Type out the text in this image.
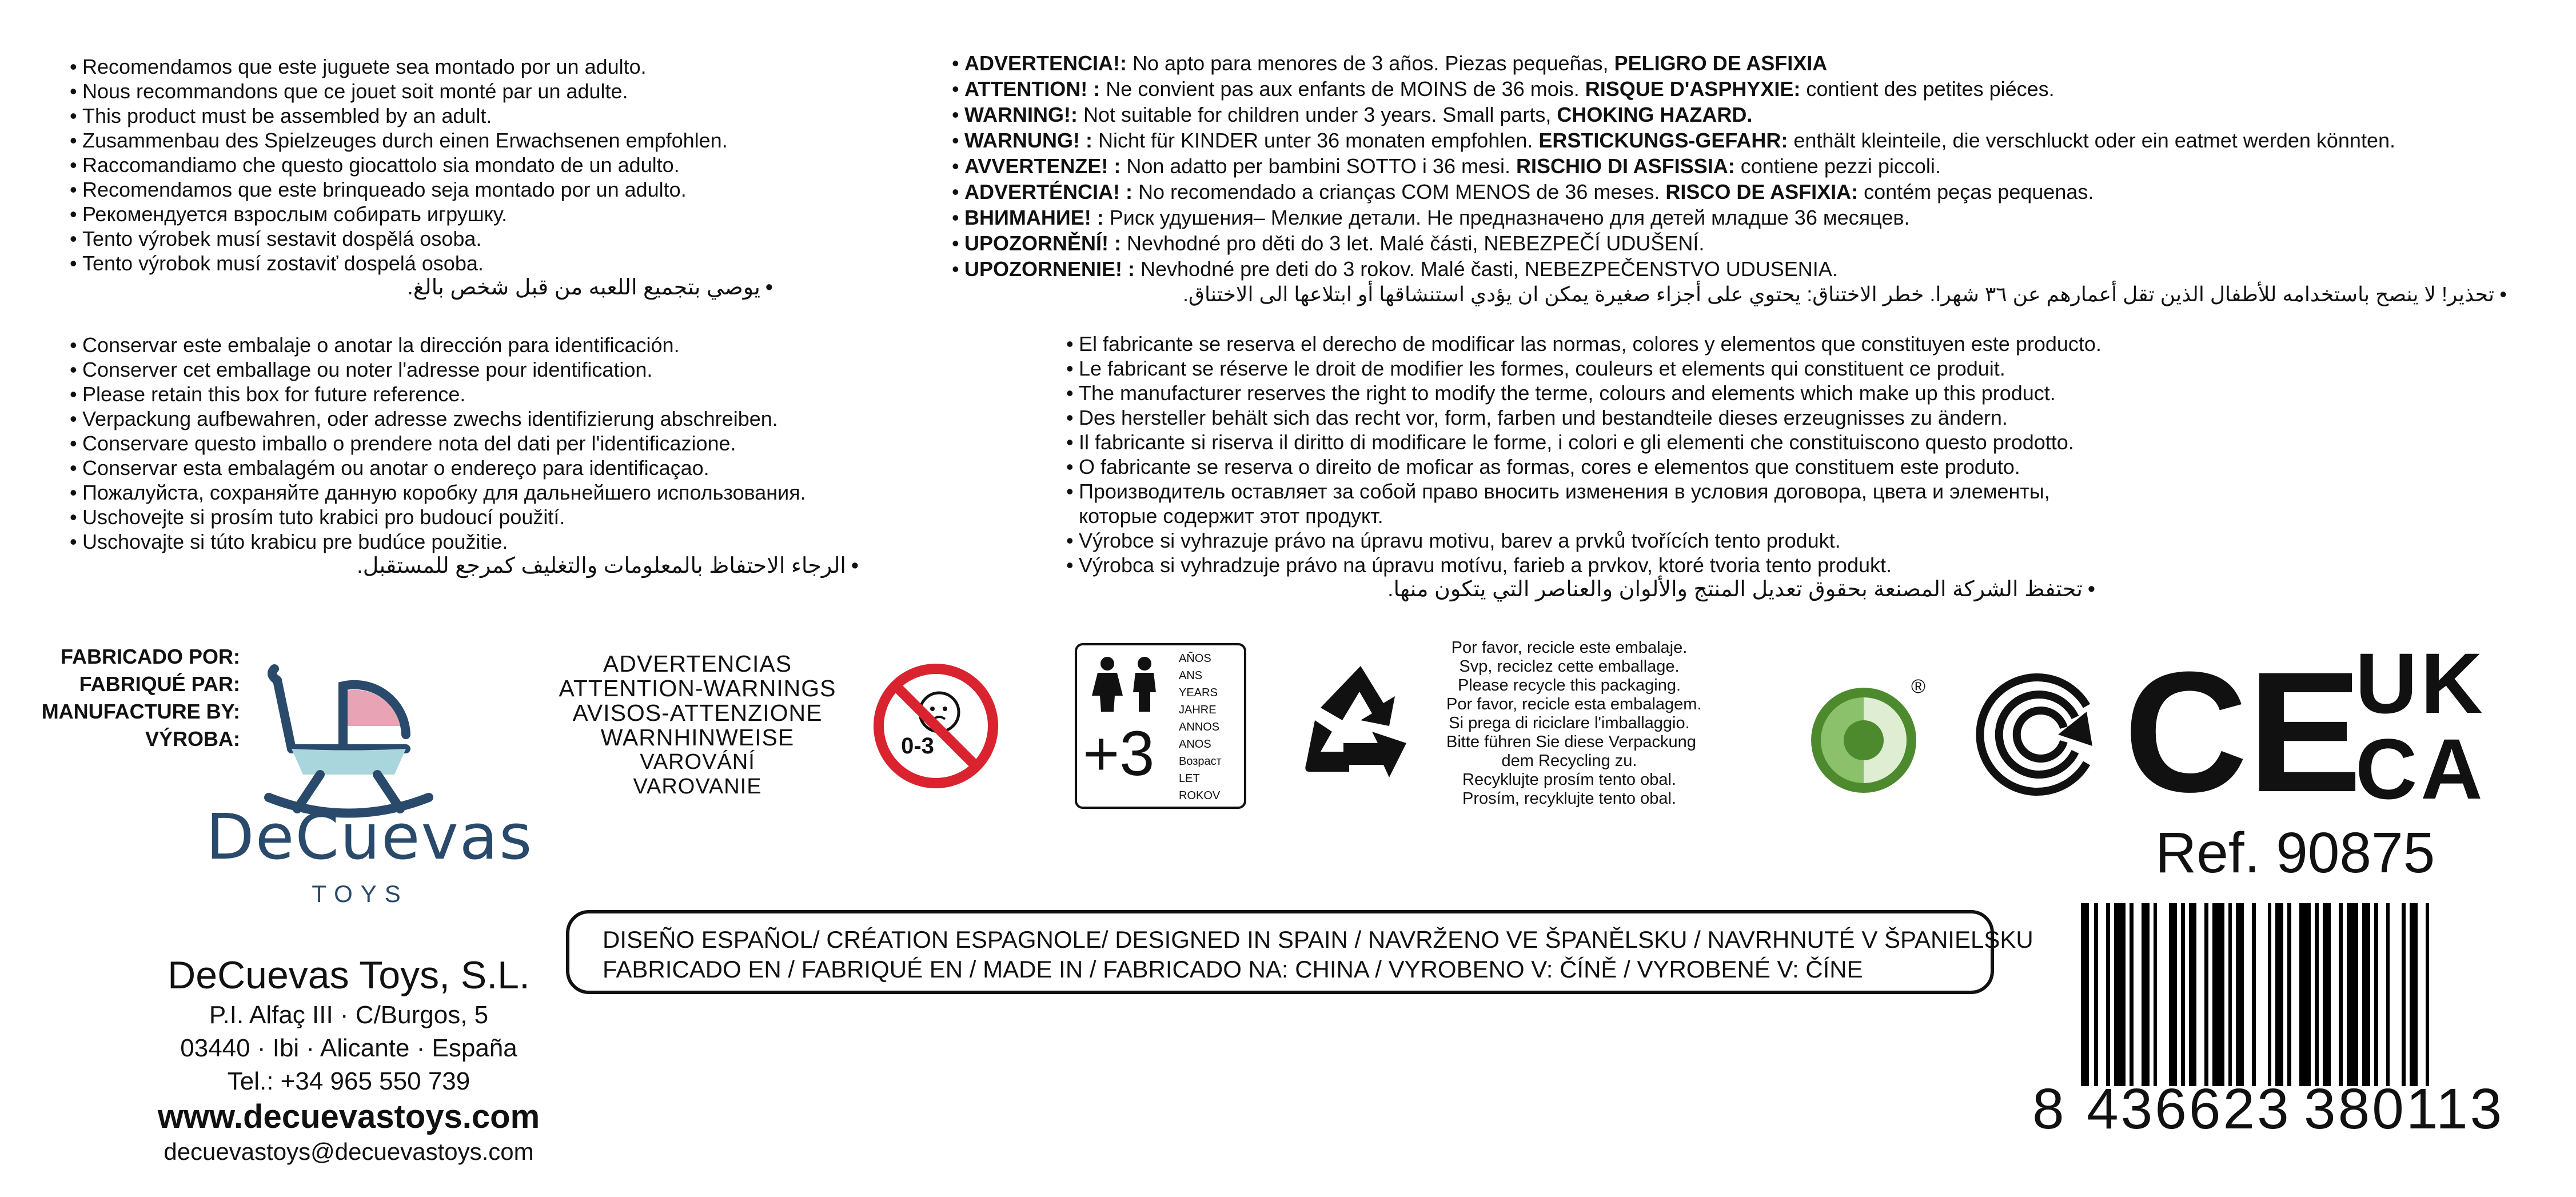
• Recomendamos que este juguete sea montado por un adulto.
• Nous recommandons que ce jouet soit monté par un adulte.
• This product must be assembled by an adult.
• Zusammenbau des Spielzeuges durch einen Erwachsenen empfohlen.
• Raccomandiamo che questo giocattolo sia mondato de un adulto.
• Recomendamos que este brinqueado seja montado por un adulto.
• Рекомендуется взрослым собирать игрушку.
• Tento výrobek musí sestavit dospělá osoba.
• Tento výrobok musí zostaviť dospelá osoba.
• يوصي بتجميع اللعبه من قبل شخص بالغ.
• Conservar este embalaje o anotar la dirección para identificación.
• Conserver cet emballage ou noter l'adresse pour identification.
• Please retain this box for future reference.
• Verpackung aufbewahren, oder adresse zwechs identifizierung abschreiben.
• Conservare questo imballo o prendere nota del dati per l'identificazione.
• Conservar esta embalagém ou anotar o endereço para identificaçao.
• Пожалуйста, сохраняйте данную коробку для дальнейшего использования.
• Uschovejte si prosím tuto krabici pro budoucí použití.
• Uschovajte si túto krabicu pre budúce použitie.
• الرجاء الاحتفاظ بالمعلومات والتغليف كمرجع للمستقبل.
• ADVERTENCIA!: No apto para menores de 3 años. Piezas pequeñas, PELIGRO DE ASFIXIA
• ATTENTION! : Ne convient pas aux enfants de MOINS de 36 mois. RISQUE D'ASPHYXIE: contient des petites piéces.
• WARNING!: Not suitable for children under 3 years. Small parts, CHOKING HAZARD.
• WARNUNG! : Nicht für KINDER unter 36 monaten empfohlen. ERSTICKUNGS-GEFAHR: enthält kleinteile, die verschluckt oder ein eatmet werden könnten.
• AVVERTENZE! : Non adatto per bambini SOTTO i 36 mesi. RISCHIO DI ASFISSIA: contiene pezzi piccoli.
• ADVERTÉNCIA! : No recomendado a crianças COM MENOS de 36 meses. RISCO DE ASFIXIA: contém peças pequenas.
• ВНИМАНИЕ! : Риск удушения– Мелкие детали. Не предназначено для детей младше 36 месяцев.
• UPOZORNĚNÍ! : Nevhodné pro děti do 3 let. Malé části, NEBEZPEČÍ UDUŠENÍ.
• UPOZORNENIE! : Nevhodné pre deti do 3 rokov. Malé časti, NEBEZPEČENSTVO UDUSENIA.
• تحذير! لا ينصح باستخدامه للأطفال الذين تقل أعمارهم عن ٣٦ شهرا. خطر الاختناق: يحتوي على أجزاء صغيرة يمكن ان يؤدي استنشاقها أو ابتلاعها الى الاختناق.
• El fabricante se reserva el derecho de modificar las normas, colores y elementos que constituyen este producto.
• Le fabricant se réserve le droit de modifier les formes, couleurs et elements qui constituent ce produit.
• The manufacturer reserves the right to modify the terme, colours and elements which make up this product.
• Des hersteller behält sich das recht vor, form, farben und bestandteile dieses erzeugnisses zu ändern.
• Il fabricante si riserva il diritto di modificare le forme, i colori e gli elementi che constituiscono questo prodotto.
• O fabricante se reserva o direito de moficar as formas, cores e elementos que constituem este produto.
• Производитель оставляет за собой право вносить изменения в условия договора, цвета и элементы,
которые содержит этот продукт.
• Výrobce si vyhrazuje právo na úpravu motivu, barev a prvků tvořících tento produkt.
• Výrobca si vyhradzuje právo na úpravu motívu, farieb a prvkov, ktoré tvoria tento produkt.
• تحتفظ الشركة المصنعة بحقوق تعديل المنتج والألوان والعناصر التي يتكون منها.
FABRICADO POR:
FABRIQUÉ PAR:
MANUFACTURE BY:
VÝROBA:
DeCuevas
TOYS
ADVERTENCIAS
ATTENTION-WARNINGS
AVISOS-ATTENZIONE
WARNHINWEISE
VAROVÁNÍ
VAROVANIE
0-3 +3
AÑOS
ANS
YEARS
JAHRE
ANNOS
ANOS
Возраст
LET
ROKOV
Por favor, recicle este embalaje.
Svp, reciclez cette emballage.
Please recycle this packaging.
Por favor, recicle esta embalagem.
Si prega di riciclare l'imballaggio.
Bitte führen Sie diese Verpackung
dem Recycling zu.
Recyklujte prosím tento obal.
Prosím, recyklujte tento obal.
® CE
UK
CA
Ref. 90875
DISEÑO ESPAÑOL/ CRÉATION ESPAGNOLE/ DESIGNED IN SPAIN / NAVRŽENO VE ŠPANĚLSKU / NAVRHNUTÉ V ŠPANIELSKU
FABRICADO EN / FABRIQUÉ EN / MADE IN / FABRICADO NA: CHINA / VYROBENO V: ČÍNĚ / VYROBENÉ V: ČÍNE
DeCuevas Toys, S.L.
P.I. Alfaç III · C/Burgos, 5
03440 · Ibi · Alicante · España
Tel.: +34 965 550 739
www.decuevastoys.com
decuevastoys@decuevastoys.com
8 436623 380113
